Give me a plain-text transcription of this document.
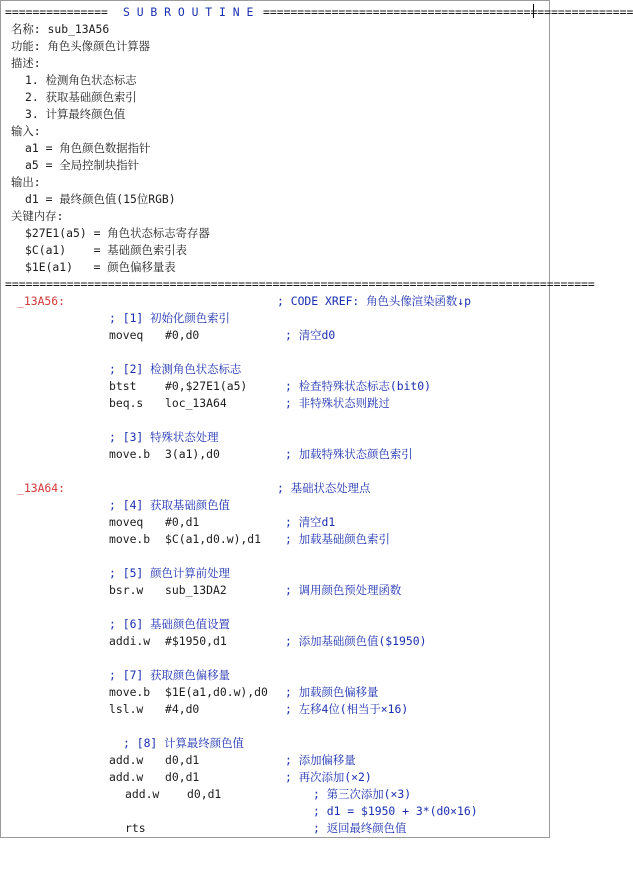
===============

S U B R O U T I N E

======================================================

名称: sub_13A56
功能: 角色头像颜色计算器
描述:
1. 检测角色状态标志
2. 获取基础颜色索引
3. 计算最终颜色值
输入:
a1 = 角色颜色数据指针
a5 = 全局控制块指针
输出:
d1 = 最终颜色值(15位RGB)
关键内存:
$27E1(a5) = 角色状态标志寄存器
$C(a1)    = 基础颜色索引表
$1E(a1)   = 颜色偏移量表
======================================================================================

_13A56:

	; CODE XREF: 角色头像渲染函数↓p

; [1] 初始化颜色索引

moveq

#0,d0

	; 清空d0

; [2] 检测角色状态标志

btst

	#0,$27E1(a5)

	; 检查特殊状态标志(bit0)

beq.s

loc_13A64

	; 非特殊状态则跳过

; [3] 特殊状态处理

move.b

3(a1),d0

	; 加载特殊状态颜色索引

_13A64:

	; 基础状态处理点

; [4] 获取基础颜色值

moveq

#0,d1

	; 清空d1

move.b

$C(a1,d0.w),d1

; 加载基础颜色索引

; [5] 颜色计算前处理

bsr.w

sub_13DA2

	; 调用颜色预处理函数

; [6] 基础颜色值设置

addi.w

#$1950,d1

	; 添加基础颜色值($1950)

; [7] 获取颜色偏移量

move.b

$1E(a1,d0.w),d0

; 加载颜色偏移量

lsl.w

#4,d0

	; 左移4位(相当于×16)

; [8] 计算最终颜色值

add.w

d0,d1

	; 添加偏移量

add.w

d0,d1

	; 再次添加(×2)

add.w

d0,d1

	; 第三次添加(×3)

; d1 = $1950 + 3*(d0×16)

rts

	; 返回最终颜色值
